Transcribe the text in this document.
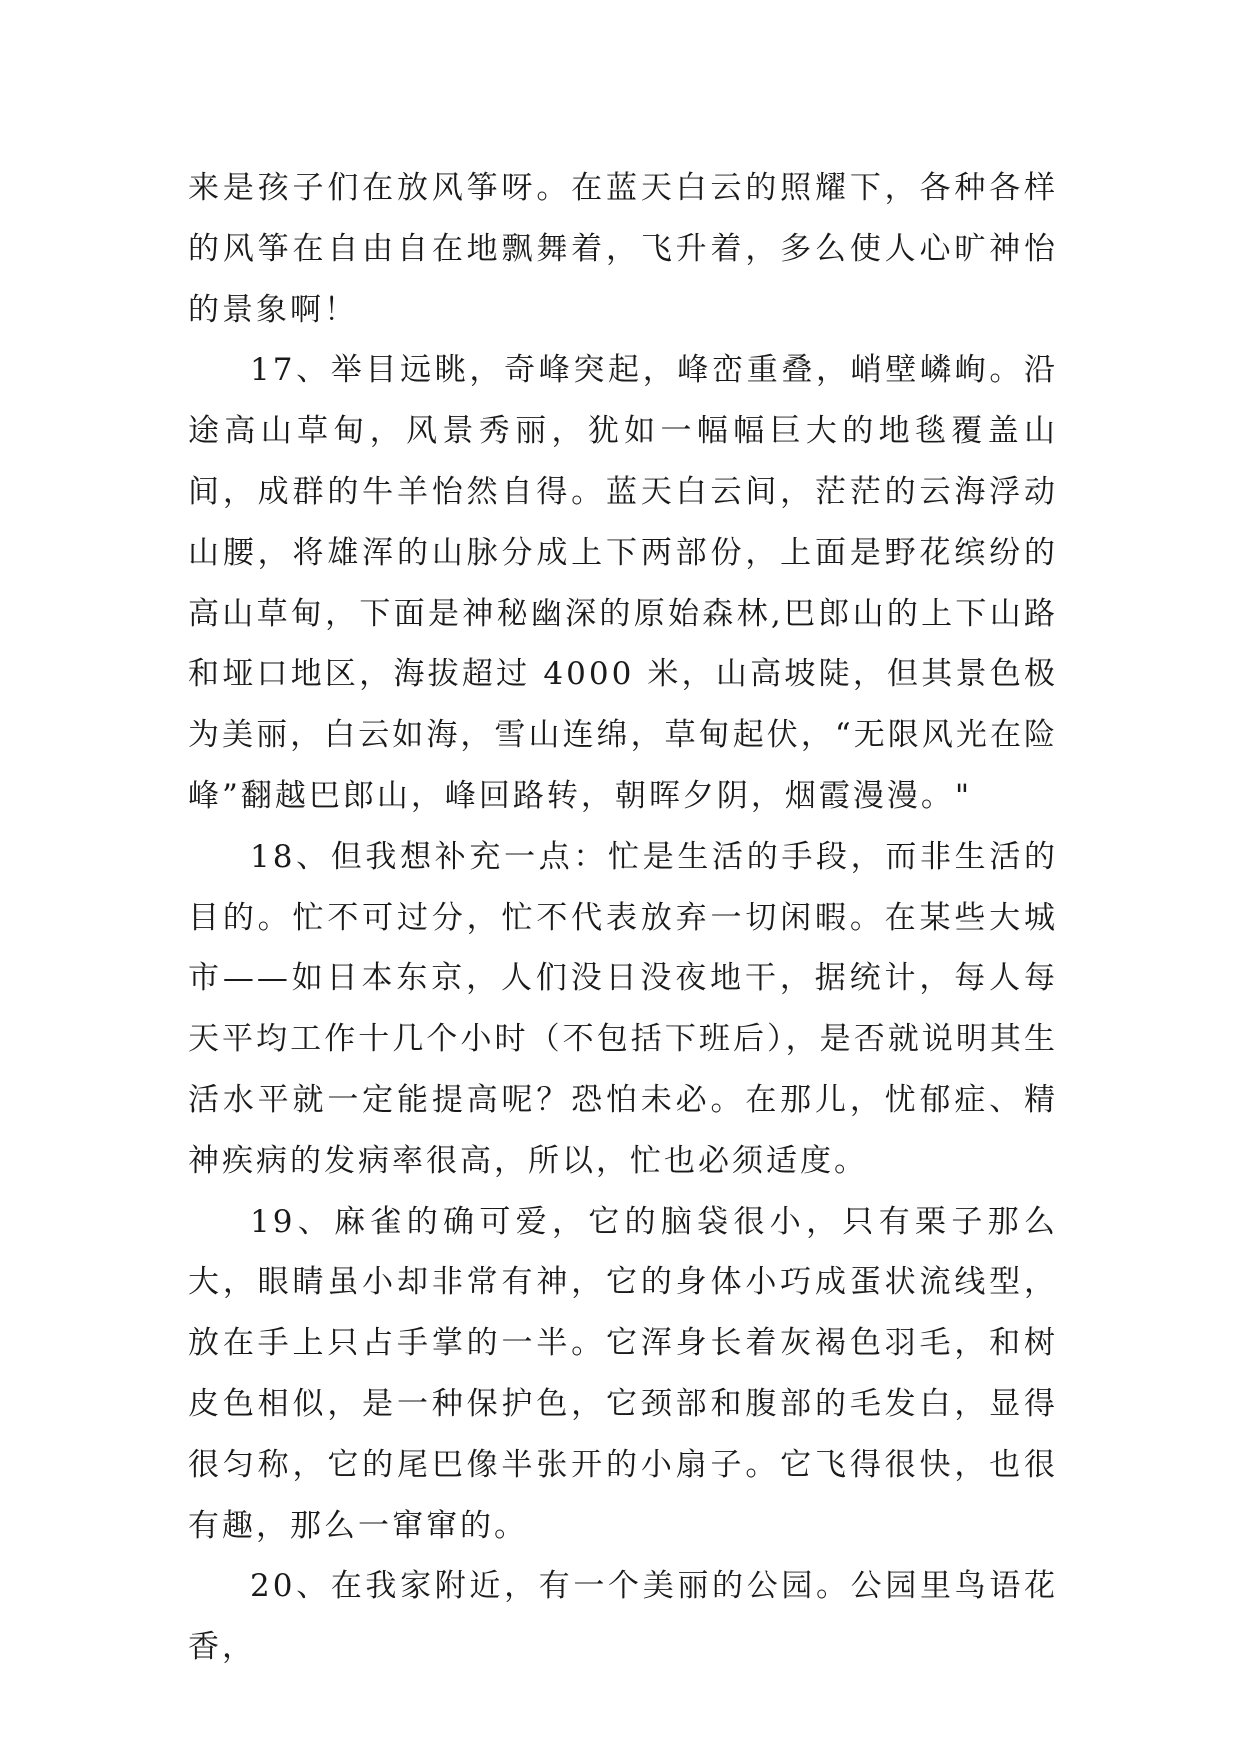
来是孩子们在放风筝呀。在蓝天白云的照耀下，各种各样的风筝在自由自在地飘舞着，飞升着，多么使人心旷神怡的景象啊！

17、举目远眺，奇峰突起，峰峦重叠，峭壁嶙峋。沿途高山草甸，风景秀丽，犹如一幅幅巨大的地毯覆盖山间，成群的牛羊怡然自得。蓝天白云间，茫茫的云海浮动山腰，将雄浑的山脉分成上下两部份，上面是野花缤纷的高山草甸，下面是神秘幽深的原始森林,巴郎山的上下山路和垭口地区，海拔超过 4000 米，山高坡陡，但其景色极为美丽，白云如海，雪山连绵，草甸起伏，“无限风光在险峰”翻越巴郎山，峰回路转，朝晖夕阴，烟霞漫漫。"

18、但我想补充一点：忙是生活的手段，而非生活的目的。忙不可过分，忙不代表放弃一切闲暇。在某些大城市——如日本东京，人们没日没夜地干，据统计，每人每天平均工作十几个小时（不包括下班后），是否就说明其生活水平就一定能提高呢？恐怕未必。在那儿，忧郁症、精神疾病的发病率很高，所以，忙也必须适度。

19、麻雀的确可爱，它的脑袋很小，只有栗子那么大，眼睛虽小却非常有神，它的身体小巧成蛋状流线型，放在手上只占手掌的一半。它浑身长着灰褐色羽毛，和树皮色相似，是一种保护色，它颈部和腹部的毛发白，显得很匀称，它的尾巴像半张开的小扇子。它飞得很快，也很有趣，那么一窜窜的。

20、在我家附近，有一个美丽的公园。公园里鸟语花香，
